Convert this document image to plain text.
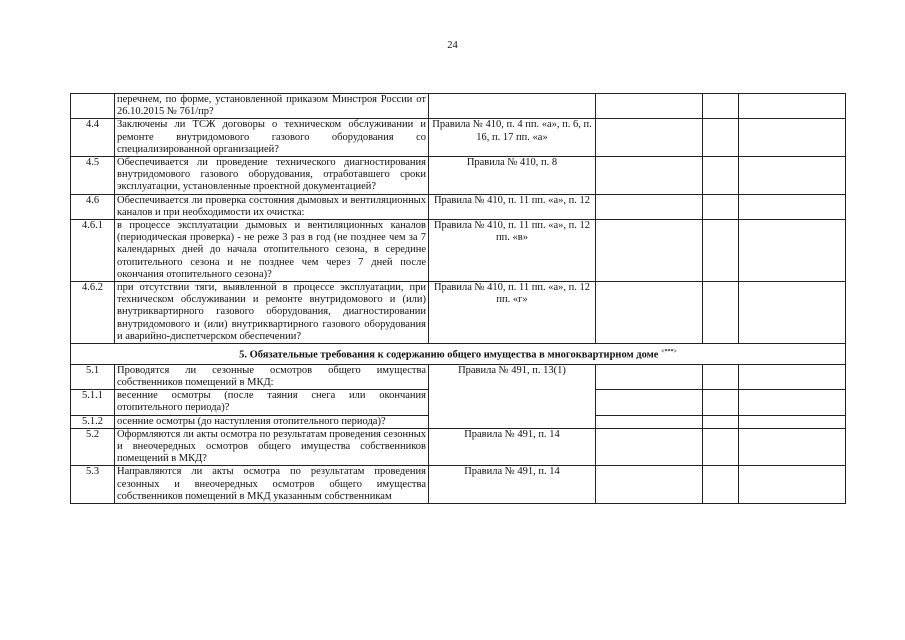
24
	перечнем, по форме, установленной приказом Минстроя России от 26.10.2015 № 761/пр?				
4.4	Заключены ли ТСЖ договоры о техническом обслуживании и ремонте внутридомового газового оборудования со специализированной организацией?	Правила № 410, п. 4 пп. «а», п. 6, п. 16, п. 17 пп. «а»			
4.5	Обеспечивается ли проведение технического диагностирования внутридомового газового оборудования, отработавшего сроки эксплуатации, установленные проектной документацией?	Правила № 410, п. 8			
4.6	Обеспечивается ли проверка состояния дымовых и вентиляционных каналов и при необходимости их очистка:	Правила № 410, п. 11 пп. «а», п. 12			
4.6.1	в процессе эксплуатации дымовых и вентиляционных каналов (периодическая проверка) - не реже 3 раз в год (не позднее чем за 7 календарных дней до начала отопительного сезона, в середине отопительного сезона и не позднее чем через 7 дней после окончания отопительного сезона)?	Правила № 410, п. 11 пп. «а», п. 12 пп. «в»			
4.6.2	при отсутствии тяги, выявленной в процессе эксплуатации, при техническом обслуживании и ремонте внутридомового и (или) внутриквартирного газового оборудования, диагностировании внутридомового и (или) внутриквартирного газового оборудования и аварийно-диспетчерском обеспечении?	Правила № 410, п. 11 пп. «а», п. 12 пп. «г»			
5. Обязательные требования к содержанию общего имущества в многоквартирном доме <***>
5.1	Проводятся ли сезонные осмотров общего имущества собственников помещений в МКД:	Правила № 491, п. 13(1)			
5.1.1	весенние осмотры (после таяния снега или окончания отопительного периода)?				
5.1.2	осенние осмотры (до наступления отопительного периода)?				
5.2	Оформляются ли акты осмотра по результатам проведения сезонных и внеочередных осмотров общего имущества собственников помещений в МКД?	Правила № 491, п. 14			
5.3	Направляются ли акты осмотра по результатам проведения сезонных и внеочередных осмотров общего имущества собственников помещений в МКД указанным собственникам	Правила № 491, п. 14			
